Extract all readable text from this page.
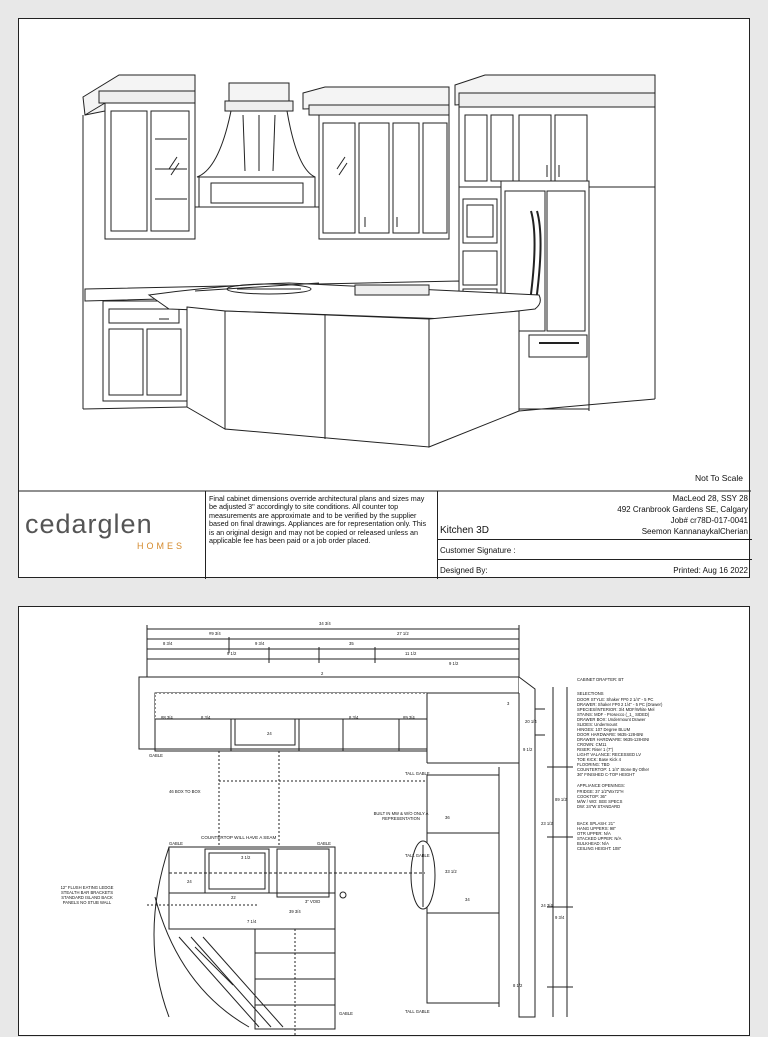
Not To Scale
cedarglen
HOMES
Final cabinet dimensions override architectural plans and sizes may be adjusted 3" accordingly to site conditions. All counter top measurements are approximate and to be verified by the supplier based on final drawings. Appliances are for representation only. This is an original design and may not be copied or released unless an applicable fee has been paid or a job order placed.
Kitchen 3D
Customer Signature :
Designed By:
MacLeod 28, SSY 28
492 Cranbrook Gardens SE, Calgary
Job# cr78D-017-0041
Seemon KannanaykalCherian
Printed: Aug 16 2022
CABINET DRAFTER: BT
SELECTIONS
DOOR STYLE: Shaker FP0 2 1/4" - 5 PC
DRAWER: Shaker FP0 2 1/4" - 5 PC (Drawer)
SPECIES/INTERIOR: 3/4 MDF/White Mel
STAINS: MDF - Prosecco (_1_ SIDED)
DRAWER BOX: Undermount Drawer
SLIDES: Undermount
HINGES: 107 Degree BLUM
DOOR HARDWARE: 9635-128-BNI
DRAWER HARDWARE: 9635-128-BNI
CROWN: CM11
RISER: Riser 1 (7")
LIGHT VALANCE: RECESSED LV
TOE KICK: Base Kick 4
FLOORING: TBD
COUNTERTOP: 1 1/4" Stone By Other
36" FINISHED C-TOP HEIGHT
APPLIANCE OPENINGS:
FRIDGE: 37 1/2"Wx72"H
COOKTOP: 36"
M/W / WO: SEE SPECS
DW: 24"W STANDARD
BACK SPLASH: 21"
HANG UPPERS: 98"
OTR UPPER: N/A
STACKED UPPER: N/A
BULKHEAD: N/A
CEILING HEIGHT: 108"
46 BOX TO BOX
COUNTERTOP WILL HAVE A SEAM
GABLE
GABLE	GABLE
GABLE
TALL GABLE
TALL GABLE
TALL GABLE
BUILT IN MW & W/O ONLY A REPRESENTATION
3" VOID
12" FLUSH EATING LEDGE STEALTH BAR BRACKETS STANDARD ISLAND BACK PANELS NO STUB WALL
#9 3/4
34 3/4
9 3/4
8 3/4
9 1/2
35
27 1/2
11 1/2
9 1/2
#8 3/4
2
8 3/4
24
8 3/4	#9 3/4
3
20 1/4
9 1/2
89 1/2
23 1/2
36
34
33 1/2
24 3/4
9 3/4
8 1/2
3 1/2
24
22
39 3/4
7 1/4
